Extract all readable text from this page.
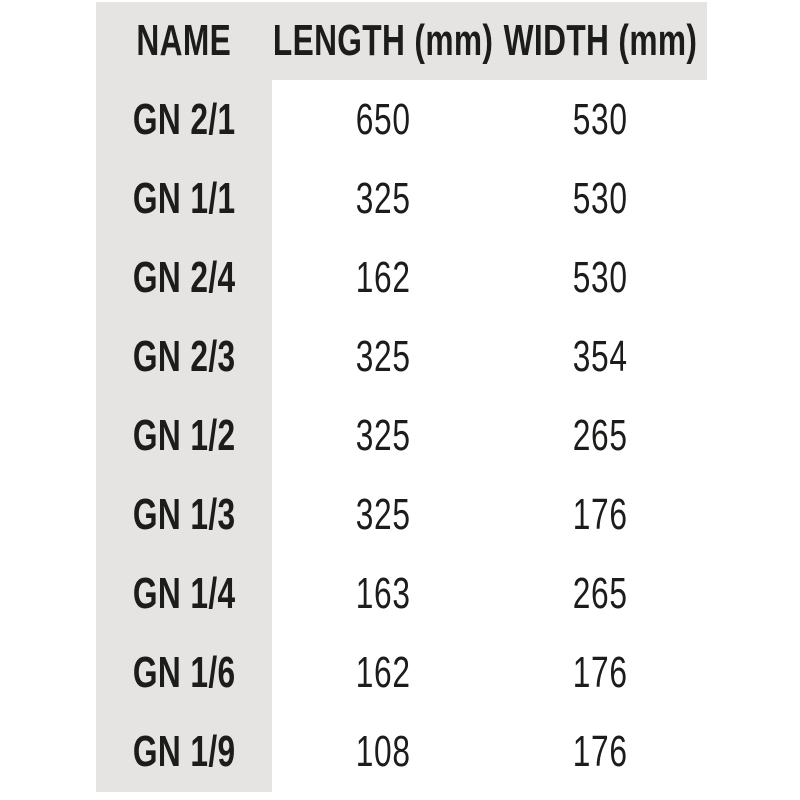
NAME LENGTH (mm) WIDTH (mm)
GN 2/1	650	530
GN 1/1	325	530
GN 2/4	162	530
GN 2/3	325	354
GN 1/2	325	265
GN 1/3	325	176
GN 1/4	163	265
GN 1/6	162	176
GN 1/9	108	176
